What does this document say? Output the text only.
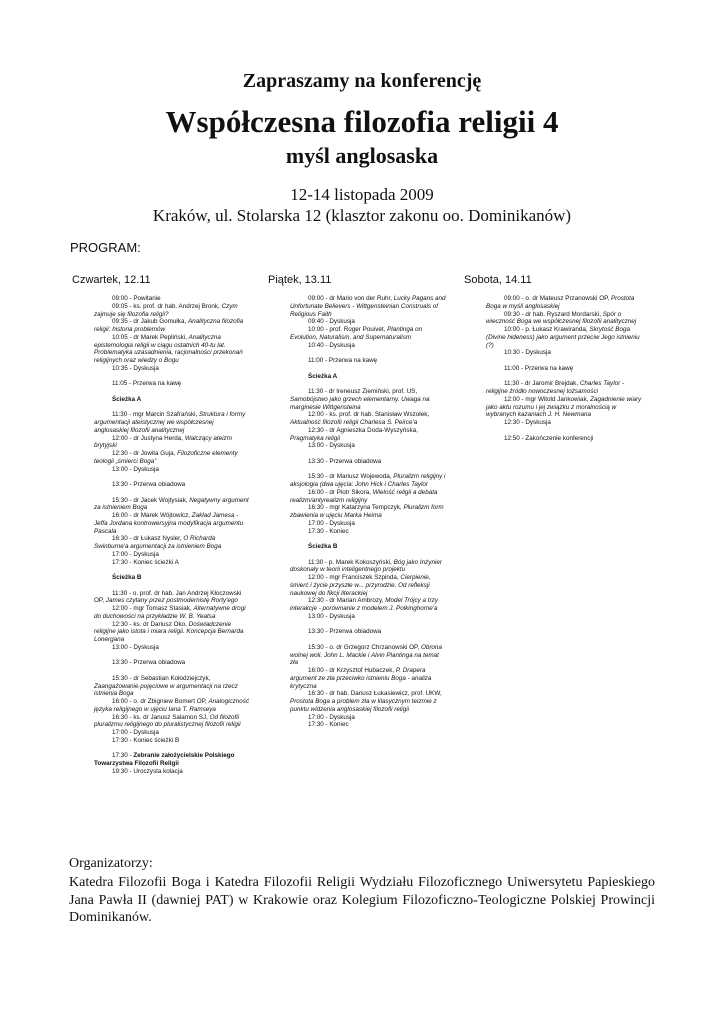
Zapraszamy na konferencję
Współczesna filozofia religii 4
myśl anglosaska
12-14 listopada 2009
Kraków, ul. Stolarska 12 (klasztor zakonu oo. Dominikanów)
PROGRAM:
Czwartek, 12.11
09:00 - Powitanie
09:05 - ks. prof. dr hab. Andrzej Bronk, Czym zajmuje się filozofia religii?
09:35 - dr Jakub Gomułka, Analityczna filozofia religii: historia problemów
10:05 - dr Marek Pepliński, Analityczna epistemologia religii w ciągu ostatnich 40-tu lat. Problematyka uzasadnienia, racjonalności przekonań religijnych oraz wiedzy o Bogu
10:35 - Dyskusja
11:05 - Przerwa na kawę
Ścieżka A
11:30 - mgr Marcin Szafrański, Struktura i formy argumentacji ateistycznej we współczesnej anglosaskiej filozofii analitycznej
12:00 - dr Justyna Herda, Walczący ateizm brytyjski
12:30 - dr Jowita Guja, Filozoficzne elementy teologii „śmierci Boga”
13:00 - Dyskusja
13:30 - Przerwa obiadowa
15:30 - dr Jacek Wojtysiak, Negatywny argument za istnieniem Boga
16:00 - dr Marek Wójtowicz, Zakład Jamesa - Jeffa Jordana kontrowersyjna modyfikacja argumentu Pascala
16:30 - dr Łukasz Nysler, O Richarda Swinburne'a argumentacji za istnieniem Boga
17:00 - Dyskusja
17:30 - Koniec ścieżki A
Ścieżka B
11:30 - o. prof. dr hab. Jan Andrzej Kłoczowski OP, James czytany przez postmodernistę Rorty'ego
12:00 - mgr Tomasz Stasiak, Alternatywne drogi do duchowości na przykładzie W. B. Yeatsa
12:30 - ks. dr Dariusz Oko, Doświadczenie religijne jako istota i miara religii. Koncepcja Bernarda Lonergana
13:00 - Dyskusja
13:30 - Przerwa obiadowa
15:30 - dr Sebastian Kołodziejczyk, Zaangażowanie pojęciowe w argumentacji na rzecz istnienia Boga
16:00 - o. dr Zbigniew Bomert OP, Analogiczność języka religijnego w ujęciu Iana T. Ramseya
16:30 - ks. dr Janusz Salamon SJ, Od filozofii pluralizmu religijnego do pluralistycznej filozofii religii
17:00 - Dyskusja
17:30 - Koniec ścieżki B
17:30 - Zebranie założycielskie Polskiego Towarzystwa Filozofii Religii
19:30 - Uroczysta kolacja
Piątek, 13.11
09:00 - dr Mario von der Ruhr, Lucky Pagans and Unfortunate Believers - Wittgensteinian Construals of Religious Faith
09:40 - Dyskusja
10:00 - prof. Roger Pouivet, Plantinga on Evolution, Naturalism, and Supernaturalism
10:40 - Dyskusja
11:00 - Przerwa na kawę
Ścieżka A
11:30 - dr Ireneusz Ziemiński, prof. US, Samobójstwo jako grzech elementarny. Uwaga na marginesie Wittgensteina
12:00 - ks. prof. dr hab. Stanisław Wszołek, Aktualność filozofii religii Charlesa S. Peirce'a
12:30 - dr Agnieszka Doda-Wyszyńska, Pragmatyka religii
13:00 - Dyskusja
13:30 - Przerwa obiadowa
15:30 - dr Mariusz Wojewoda, Pluralizm religijny i aksjologia (dwa ujęcia: John Hick i Charles Taylor
16:00 - dr Piotr Sikora, Wielość religii a debata realizm/antyrealizm religijny
16:30 - mgr Katarzyna Tempczyk, Pluralizm form zbawienia w ujęciu Marka Heima
17:00 - Dyskusja
17:30 - Koniec
Ścieżka B
11:30 - p. Marek Kokoszyński, Bóg jako Inżynier doskonały w teorii inteligentnego projektu
12:00 - mgr Franciszek Szpinda, Cierpienie, śmierć i życie przyszłe w... przyrodzie. Od refleksji naukowej do fikcji literackiej
12:30 - dr Marian Ambrozy, Model Trójcy a trzy interakcje - porównanie z modelem J. Polkinghorne'a
13:00 - Dyskusja
13:30 - Przerwa obiadowa
15:30 - o. dr Grzegorz Chrzanowski OP, Obrona wolnej woli. John L. Mackie i Alvin Plantinga na temat zła
16:00 - dr Krzysztof Hubaczek, P. Drapera argument ze zła przeciwko istnieniu Boga - analiza krytyczna
16:30 - dr hab. Dariusz Łukasiewicz, prof. UKW, Prostota Boga a problem zła w klasycznym teizmie z punktu widzenia anglosaskiej filozofii religii
17:00 - Dyskusja
17:30 - Koniec
Sobota, 14.11
09:00 - o. dr Mateusz Przanowski OP, Prostota Boga w myśli anglosaskiej
09:30 - dr hab. Ryszard Mordarski, Spór o wieczność Boga we współczesnej filozofii analitycznej
10:00 - p. Łukasz Krawiranda, Skrytość Boga (Divine hideness) jako argument przeciw Jego istnieniu (?)
10:30 - Dyskusja
11:00 - Przerwa na kawę
11:30 - dr Jaromir Brejdak, Charles Taylor - religijne źródło nowoczesnej tożsamości
12:00 - mgr Witold Jankowiak, Zagadnienie wiary jako aktu rozumu i jej związku z moralnością w wybranych kazaniach J. H. Newmana
12:30 - Dyskusja
12:50 - Zakończenie konferencji
Organizatorzy:
Katedra Filozofii Boga i Katedra Filozofii Religii Wydziału Filozoficznego Uniwersytetu Papieskiego Jana Pawła II (dawniej PAT) w Krakowie oraz Kolegium Filozoficzno-Teologiczne Polskiej Prowincji Dominikanów.
